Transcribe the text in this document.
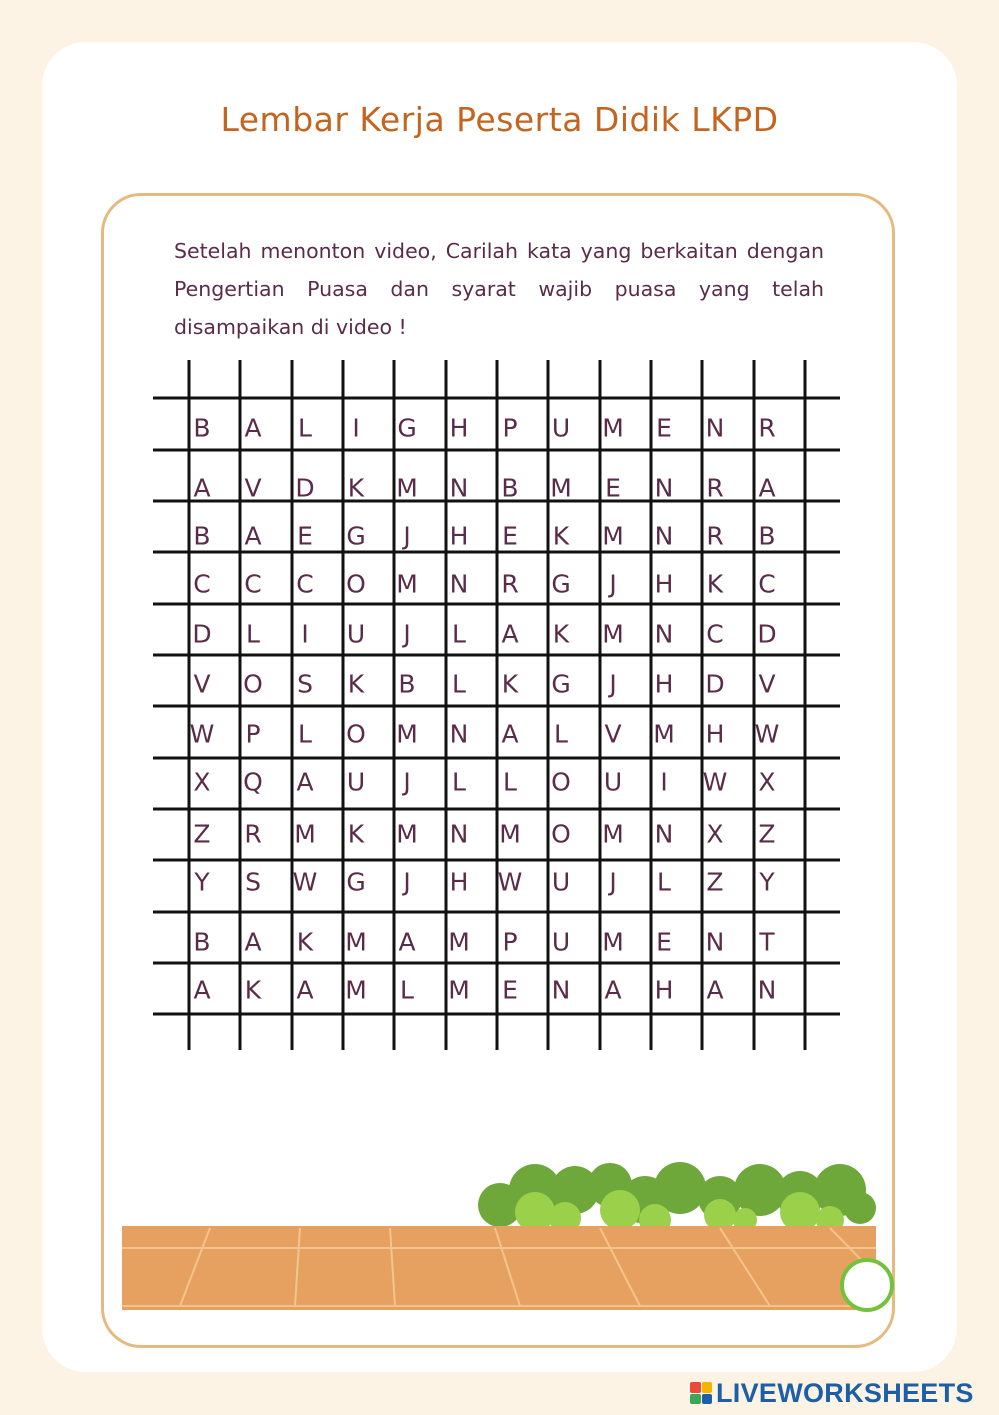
Lembar Kerja Peserta Didik LKPD
Setelah menonton video, Carilah kata yang berkaitan dengan Pengertian Puasa dan syarat wajib puasa yang telah disampaikan di video !
B A L I G H P U M E N R
A V D K M N B M E N R A
B A E G J H E K M N R B
C C C O M N R G J H K C
D L I U J L A K M N C D
V O S K B L K G J H D V
W P L O M N A L V M H W
X Q A U J L L O U I W X
Z R M K M N M O M N X Z
Y S W G J H W U J L Z Y
B A K M A M P U M E N T
A K A M L M E N A H A N
LIVEWORKSHEETS
